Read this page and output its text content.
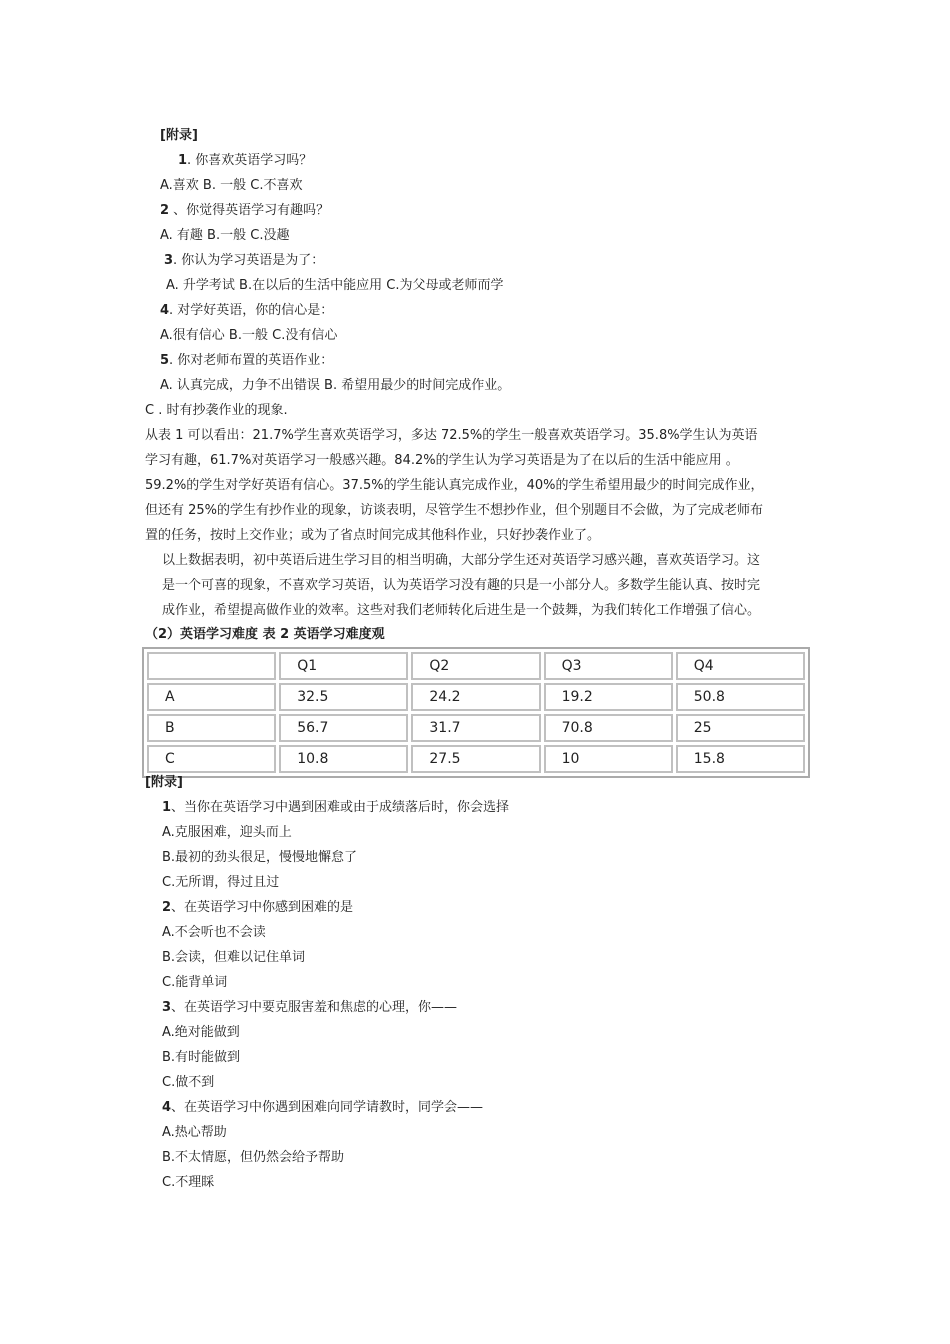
[附录]
1. 你喜欢英语学习吗？
A.喜欢 B. 一般 C.不喜欢
2 、你觉得英语学习有趣吗？
A. 有趣 B.一般 C.没趣
3. 你认为学习英语是为了：
A. 升学考试 B.在以后的生活中能应用 C.为父母或老师而学
4. 对学好英语，你的信心是：
A.很有信心 B.一般 C.没有信心
5. 你对老师布置的英语作业：
A. 认真完成，力争不出错误 B. 希望用最少的时间完成作业。
C . 时有抄袭作业的现象.
从表 1 可以看出：21.7%学生喜欢英语学习，多达 72.5%的学生一般喜欢英语学习。35.8%学生认为英语
学习有趣，61.7%对英语学习一般感兴趣。84.2%的学生认为学习英语是为了在以后的生活中能应用 。
59.2%的学生对学好英语有信心。37.5%的学生能认真完成作业，40%的学生希望用最少的时间完成作业，
但还有 25%的学生有抄作业的现象，访谈表明，尽管学生不想抄作业，但个别题目不会做，为了完成老师布
置的任务，按时上交作业；或为了省点时间完成其他科作业，只好抄袭作业了。
以上数据表明，初中英语后进生学习目的相当明确，大部分学生还对英语学习感兴趣，喜欢英语学习。这
是一个可喜的现象，不喜欢学习英语，认为英语学习没有趣的只是一小部分人。多数学生能认真、按时完
成作业，希望提高做作业的效率。这些对我们老师转化后进生是一个鼓舞，为我们转化工作增强了信心。
（2）英语学习难度 表 2 英语学习难度观
	Q1	Q2	Q3	Q4
A	32.5	24.2	19.2	50.8
B	56.7	31.7	70.8	25
C	10.8	27.5	10	15.8
[附录]
1、当你在英语学习中遇到困难或由于成绩落后时，你会选择
A.克服困难，迎头而上
B.最初的劲头很足，慢慢地懈怠了
C.无所谓，得过且过
2、在英语学习中你感到困难的是
A.不会听也不会读
B.会读，但难以记住单词
C.能背单词
3、在英语学习中要克服害羞和焦虑的心理，你——
A.绝对能做到
B.有时能做到
C.做不到
4、在英语学习中你遇到困难向同学请教时，同学会——
A.热心帮助
B.不太情愿，但仍然会给予帮助
C.不理睬
